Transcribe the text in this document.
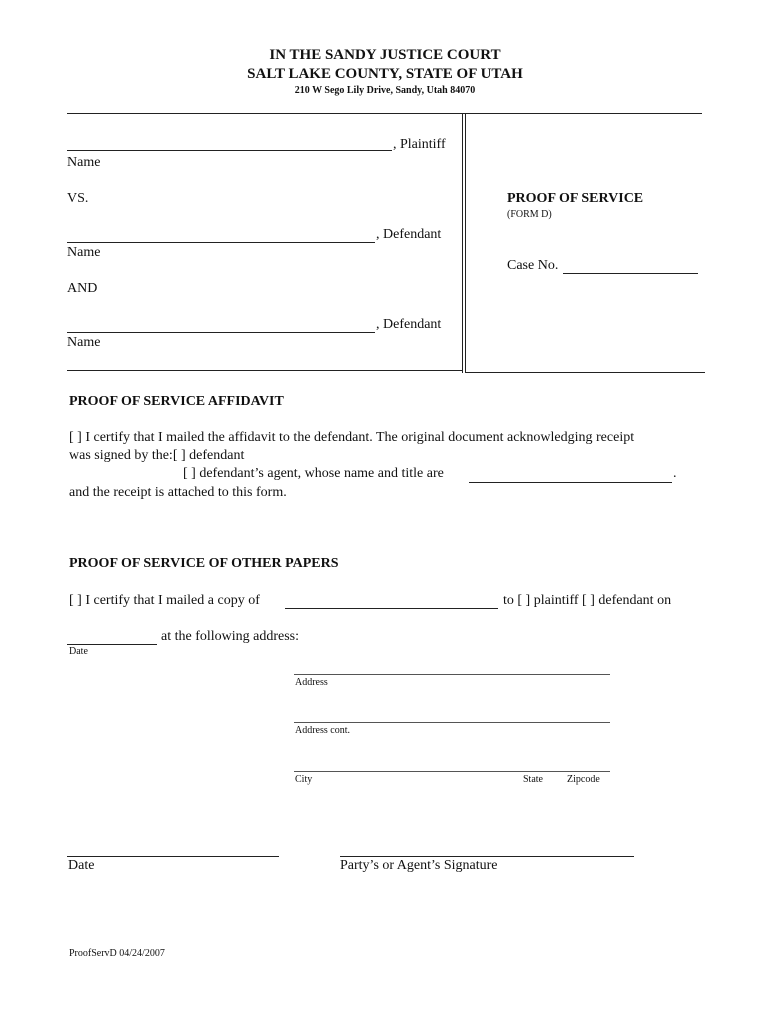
IN THE SANDY JUSTICE COURT
SALT LAKE COUNTY, STATE OF UTAH
210 W Sego Lily Drive, Sandy, Utah 84070
, Plaintiff
Name
VS.
, Defendant
Name
AND
, Defendant
Name
PROOF OF SERVICE
(FORM D)
Case No.
PROOF OF SERVICE AFFIDAVIT
[ ] I certify that I mailed the affidavit to the defendant. The original document acknowledging receipt
was signed by the:[ ] defendant
[ ] defendant’s agent, whose name and title are	.
and the receipt is attached to this form.
PROOF OF SERVICE OF OTHER PAPERS
[ ] I certify that I mailed a copy of	to [ ] plaintiff [ ] defendant on
at the following address:
Date
Address
Address cont.
City	State Zipcode
Date	Party’s or Agent’s Signature
ProofServD 04/24/2007
